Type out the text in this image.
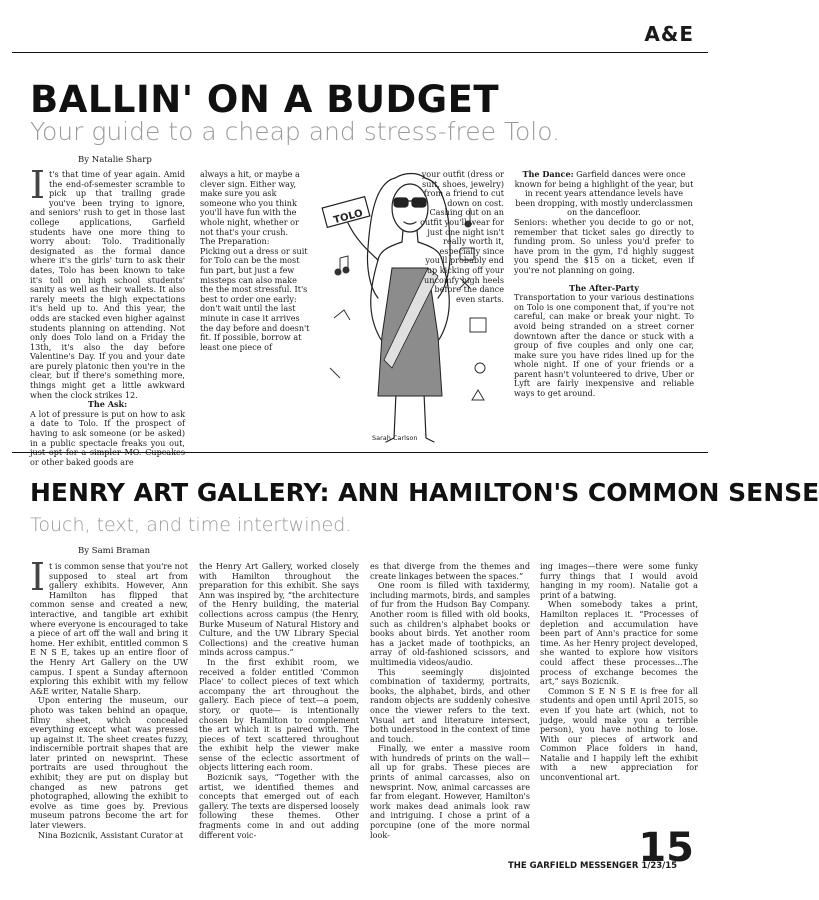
A&E
BALLIN' ON A BUDGET
Your guide to a cheap and stress-free Tolo.
By Natalie Sharp

It's that time of year again. Amid the end-of-semester scramble to pick up that trailing grade you've been trying to ignore, and seniors' rush to get in those last college applications, Garfield students have one more thing to worry about: Tolo. Traditionally designated as the formal dance where it's the girls' turn to ask their dates, Tolo has been known to take it's toll on high school students' sanity as well as their wallets. It also rarely meets the high expectations it's held up to. And this year, the odds are stacked even higher against students planning on attending. Not only does Tolo land on a Friday the 13th, it's also the day before Valentine's Day. If you and your date are purely platonic then you're in the clear, but if there's something more, things might get a little awkward when the clock strikes 12.

The Ask:

A lot of pressure is put on how to ask a date to Tolo. If the prospect of having to ask someone (or be asked) in a public spectacle freaks you out, just opt for a simpler MO. Cupcakes or other baked goods are

always a hit, or maybe a clever sign. Either way, make sure you ask someone who you think you'll have fun with the whole night, whether or not that's your crush.

The Preparation:

Picking out a dress or suit for Tolo can be the most fun part, but just a few missteps can also make the the most stressful. It's best to order one early: don't wait until the last minute in case it arrives the day before and doesn't fit. If possible, borrow at least one piece of

TOLO
Sarah Carlson

your outfit (dress or suit, shoes, jewelry) from a friend to cut down on cost. Cashing out on an outfit you'll wear for just one night isn't really worth it, especially since you'll probably end up kicking off your uncomfy high heels before the dance even starts.

The Dance: Garfield dances were once known for being a highlight of the year, but in recent years attendance levels have been dropping, with mostly underclassmen on the dancefloor.

Seniors: whether you decide to go or not, remember that ticket sales go directly to funding prom. So unless you'd prefer to have prom in the gym, I'd highly suggest you spend the $15 on a ticket, even if you're not planning on going.

The After-Party

Transportation to your various destinations on Tolo is one component that, if you're not careful, can make or break your night. To avoid being stranded on a street corner downtown after the dance or stuck with a group of five couples and only one car, make sure you have rides lined up for the whole night. If one of your friends or a parent hasn't volunteered to drive, Uber or Lyft are fairly inexpensive and reliable ways to get around.

HENRY ART GALLERY: ANN HAMILTON'S COMMON SENSE
Touch, text, and time intertwined.
By Sami Braman

It is common sense that you're not supposed to steal art from gallery exhibits. However, Ann Hamilton has flipped that common sense and created a new, interactive, and tangible art exhibit where everyone is encouraged to take a piece of art off the wall and bring it home. Her exhibit, entitled common S E N S E, takes up an entire floor of the Henry Art Gallery on the UW campus. I spent a Sunday afternoon exploring this exhibit with my fellow A&E writer, Natalie Sharp.

Upon entering the museum, our photo was taken behind an opaque, filmy sheet, which concealed everything except what was pressed up against it. The sheet creates fuzzy, indiscernible portrait shapes that are later printed on newsprint. These portraits are used throughout the exhibit; they are put on display but changed as new patrons get photographed, allowing the exhibit to evolve as time goes by. Previous museum patrons become the art for later viewers.

Nina Bozicnik, Assistant Curator at

the Henry Art Gallery, worked closely with Hamilton throughout the preparation for this exhibit. She says Ann was inspired by, “the architecture of the Henry building, the material collections across campus (the Henry, Burke Museum of Natural History and Culture, and the UW Library Special Collections) and the creative human minds across campus.”

In the first exhibit room, we received a folder entitled 'Common Place' to collect pieces of text which accompany the art throughout the gallery. Each piece of text—a poem, story, or quote— is intentionally chosen by Hamilton to complement the art which it is paired with. The pieces of text scattered throughout the exhibit help the viewer make sense of the eclectic assortment of objects littering each room.

Bozicnik says, “Together with the artist, we identified themes and concepts that emerged out of each gallery. The texts are dispersed loosely following these themes. Other fragments come in and out adding different voic-

es that diverge from the themes and create linkages between the spaces.”

One room is filled with taxidermy, including marmots, birds, and samples of fur from the Hudson Bay Company. Another room is filled with old books, such as children's alphabet books or books about birds. Yet another room has a jacket made of toothpicks, an array of old-fashioned scissors, and multimedia videos/audio.

This seemingly disjointed combination of taxidermy, portraits, books, the alphabet, birds, and other random objects are suddenly cohesive once the viewer refers to the text. Visual art and literature intersect, both understood in the context of time and touch.

Finally, we enter a massive room with hundreds of prints on the wall—all up for grabs. These pieces are prints of animal carcasses, also on newsprint. Now, animal carcasses are far from elegant. However, Hamilton's work makes dead animals look raw and intriguing. I chose a print of a porcupine (one of the more normal look-

ing images—there were some funky furry things that I would avoid hanging in my room). Natalie got a print of a batwing.

When somebody takes a print, Hamilton replaces it. “Processes of depletion and accumulation have been part of Ann's practice for some time. As her Henry project developed, she wanted to explore how visitors could affect these processes...The process of exchange becomes the art,” says Bozicnik.

Common S E N S E is free for all students and open until April 2015, so even if you hate art (which, not to judge, would make you a terrible person), you have nothing to lose. With our pieces of artwork and Common Place folders in hand, Natalie and I happily left the exhibit with a new appreciation for unconventional art.

THE GARFIELD MESSENGER 1/23/15
15
